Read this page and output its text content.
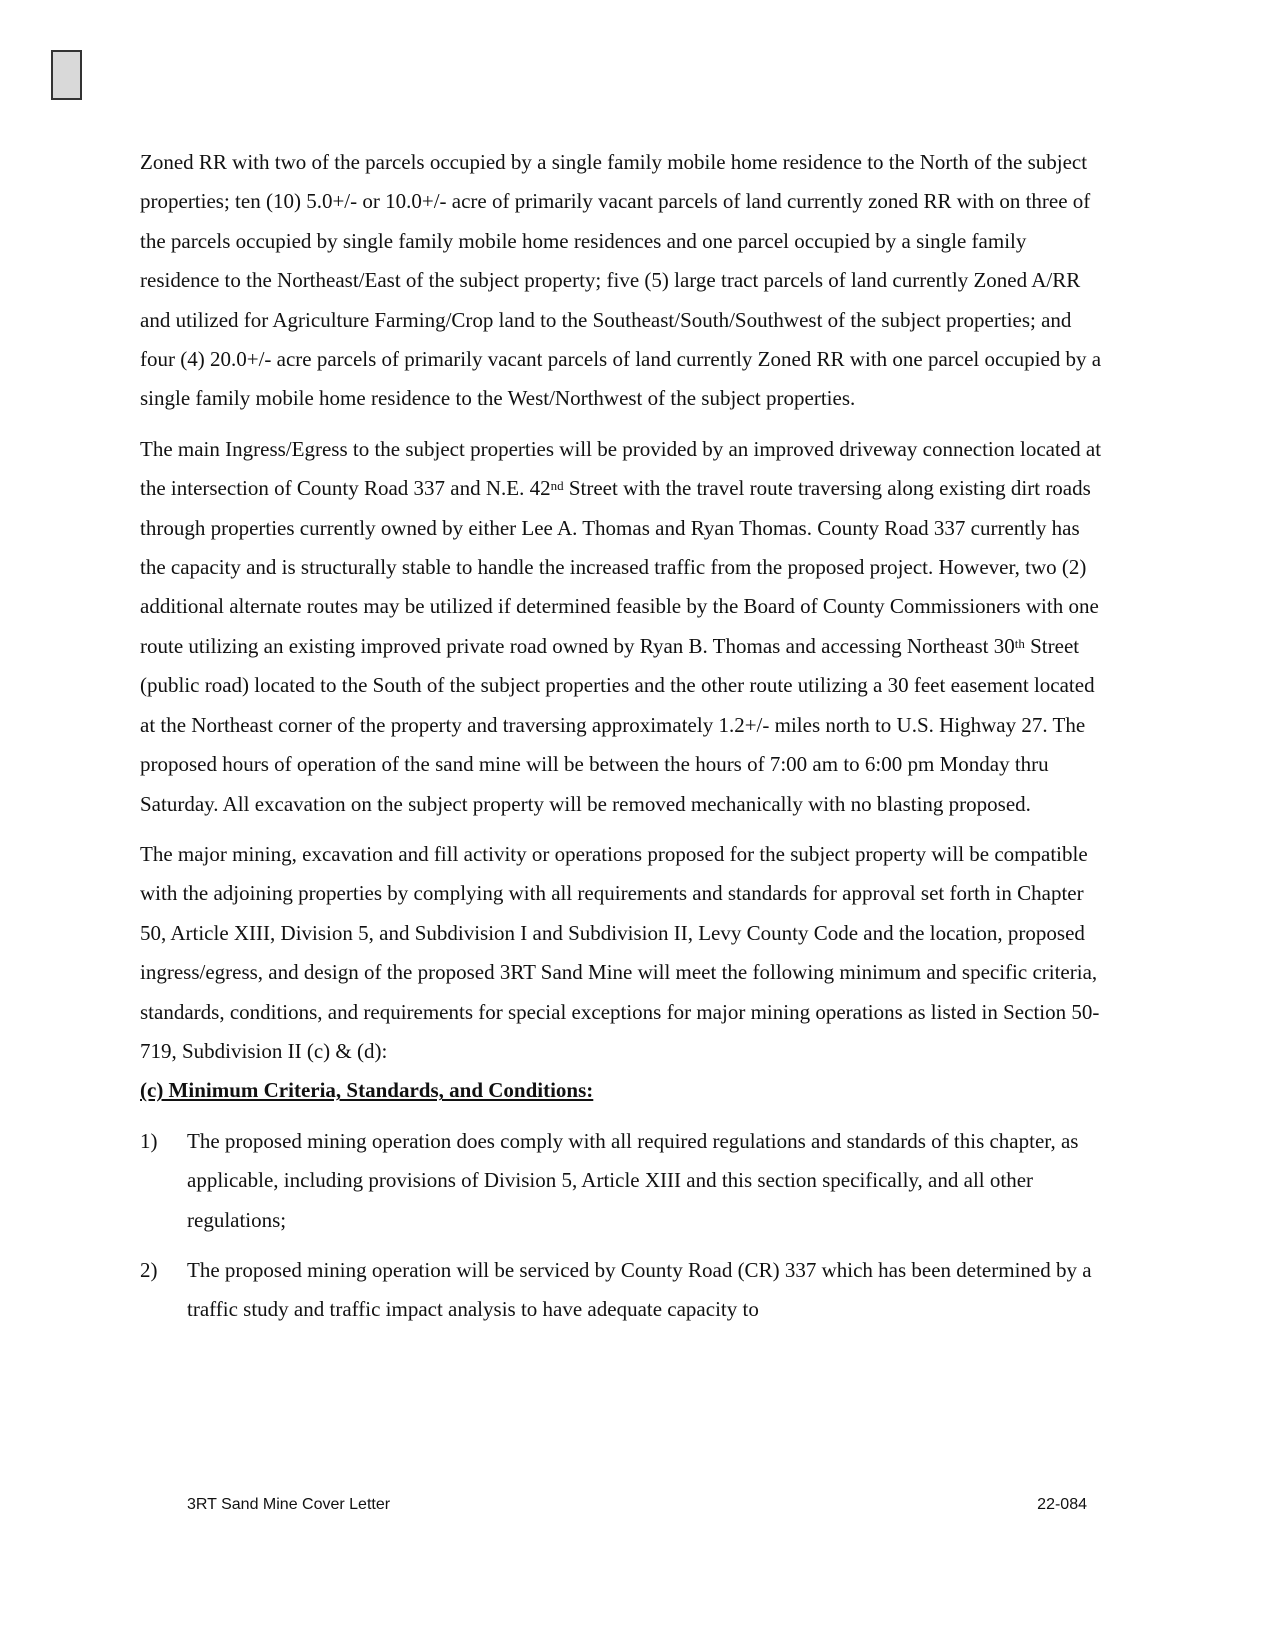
Zoned RR with two of the parcels occupied by a single family mobile home residence to the North of the subject properties; ten (10) 5.0+/- or 10.0+/- acre of primarily vacant parcels of land currently zoned RR with on three of the parcels occupied by single family mobile home residences and one parcel occupied by a single family residence to the Northeast/East of the subject property; five (5) large tract parcels of land currently Zoned A/RR and utilized for Agriculture Farming/Crop land to the Southeast/South/Southwest of the subject properties; and four (4) 20.0+/- acre parcels of primarily vacant parcels of land currently Zoned RR with one parcel occupied by a single family mobile home residence to the West/Northwest of the subject properties.

The main Ingress/Egress to the subject properties will be provided by an improved driveway connection located at the intersection of County Road 337 and N.E. 42nd Street with the travel route traversing along existing dirt roads through properties currently owned by either Lee A. Thomas and Ryan Thomas. County Road 337 currently has the capacity and is structurally stable to handle the increased traffic from the proposed project. However, two (2) additional alternate routes may be utilized if determined feasible by the Board of County Commissioners with one route utilizing an existing improved private road owned by Ryan B. Thomas and accessing Northeast 30th Street (public road) located to the South of the subject properties and the other route utilizing a 30 feet easement located at the Northeast corner of the property and traversing approximately 1.2+/- miles north to U.S. Highway 27. The proposed hours of operation of the sand mine will be between the hours of 7:00 am to 6:00 pm Monday thru Saturday. All excavation on the subject property will be removed mechanically with no blasting proposed.

The major mining, excavation and fill activity or operations proposed for the subject property will be compatible with the adjoining properties by complying with all requirements and standards for approval set forth in Chapter 50, Article XIII, Division 5, and Subdivision I and Subdivision II, Levy County Code and the location, proposed ingress/egress, and design of the proposed 3RT Sand Mine will meet the following minimum and specific criteria, standards, conditions, and requirements for special exceptions for major mining operations as listed in Section 50-719, Subdivision II (c) & (d):

(c) Minimum Criteria, Standards, and Conditions:
1)	The proposed mining operation does comply with all required regulations and standards of this chapter, as applicable, including provisions of Division 5, Article XIII and this section specifically, and all other regulations;
2)	The proposed mining operation will be serviced by County Road (CR) 337 which has been determined by a traffic study and traffic impact analysis to have adequate capacity to
3RT Sand Mine Cover Letter	22-084
